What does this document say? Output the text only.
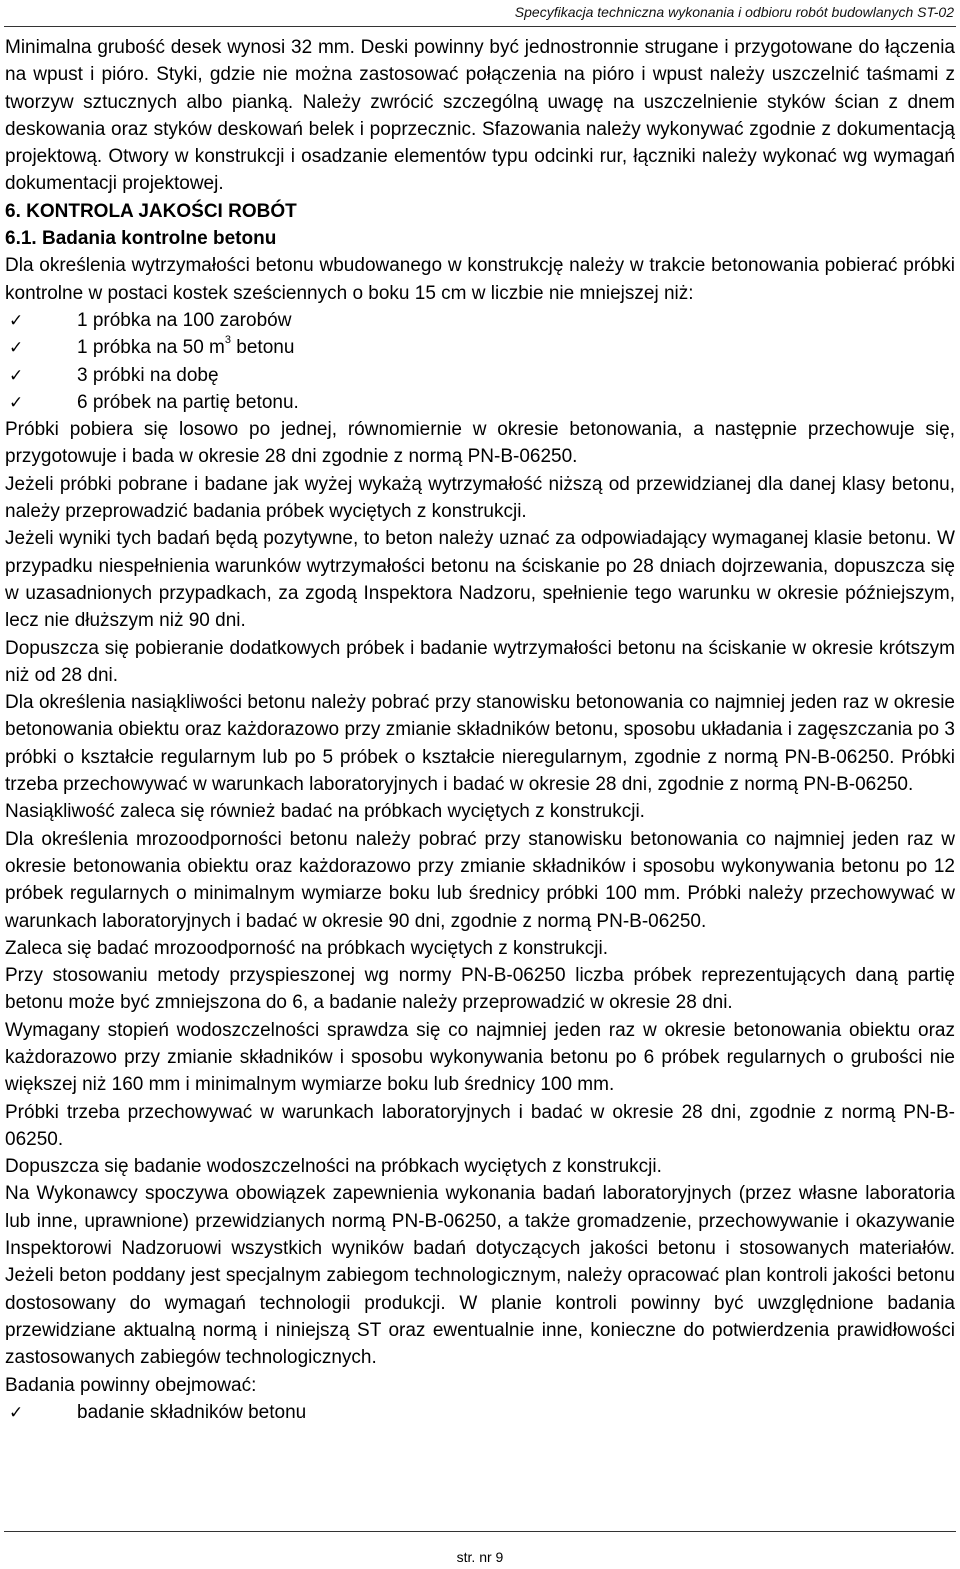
Specyfikacja techniczna wykonania i odbioru robót budowlanych ST-02

Minimalna grubość desek wynosi 32 mm. Deski powinny być jednostronnie strugane i przygotowane do łączenia na wpust i pióro. Styki, gdzie nie można zastosować połączenia na pióro i wpust należy uszczelnić taśmami z tworzyw sztucznych albo pianką. Należy zwrócić szczególną uwagę na uszczelnienie styków ścian z dnem deskowania oraz styków deskowań belek i poprzecznic. Sfazowania należy wykonywać zgodnie z dokumentacją projektową. Otwory w konstrukcji i osadzanie elementów typu odcinki rur, łączniki należy wykonać wg wymagań dokumentacji projektowej.

6. KONTROLA JAKOŚCI ROBÓT

6.1. Badania kontrolne betonu

Dla określenia wytrzymałości betonu wbudowanego w konstrukcję należy w trakcie betonowania pobierać próbki kontrolne w postaci kostek sześciennych o boku 15 cm w liczbie nie mniejszej niż:

✓	1 próbka na 100 zarobów
✓	1 próbka na 50 $m^3$ betonu
✓	3 próbki na dobę
✓	6 próbek na partię betonu.

Próbki pobiera się losowo po jednej, równomiernie w okresie betonowania, a następnie przechowuje się, przygotowuje i bada w okresie 28 dni zgodnie z normą PN-B-06250.

Jeżeli próbki pobrane i badane jak wyżej wykażą wytrzymałość niższą od przewidzianej dla danej klasy betonu, należy przeprowadzić badania próbek wyciętych z konstrukcji.

Jeżeli wyniki tych badań będą pozytywne, to beton należy uznać za odpowiadający wymaganej klasie betonu. W przypadku niespełnienia warunków wytrzymałości betonu na ściskanie po 28 dniach dojrzewania, dopuszcza się w uzasadnionych przypadkach, za zgodą Inspektora Nadzoru, spełnienie tego warunku w okresie późniejszym, lecz nie dłuższym niż 90 dni.

Dopuszcza się pobieranie dodatkowych próbek i badanie wytrzymałości betonu na ściskanie w okresie krótszym niż od 28 dni.

Dla określenia nasiąkliwości betonu należy pobrać przy stanowisku betonowania co najmniej jeden raz w okresie betonowania obiektu oraz każdorazowo przy zmianie składników betonu, sposobu układania i zagęszczania po 3 próbki o kształcie regularnym lub po 5 próbek o kształcie nieregularnym, zgodnie z normą PN-B-06250. Próbki trzeba przechowywać w warunkach laboratoryjnych i badać w okresie 28 dni, zgodnie z normą PN-B-06250.

Nasiąkliwość zaleca się również badać na próbkach wyciętych z konstrukcji.

Dla określenia mrozoodporności betonu należy pobrać przy stanowisku betonowania co najmniej jeden raz w okresie betonowania obiektu oraz każdorazowo przy zmianie składników i sposobu wykonywania betonu po 12 próbek regularnych o minimalnym wymiarze boku lub średnicy próbki 100 mm. Próbki należy przechowywać w warunkach laboratoryjnych i badać w okresie 90 dni, zgodnie z normą PN-B-06250.

Zaleca się badać mrozoodporność na próbkach wyciętych z konstrukcji.

Przy stosowaniu metody przyspieszonej wg normy PN-B-06250 liczba próbek reprezentujących daną partię betonu może być zmniejszona do 6, a badanie należy przeprowadzić w okresie 28 dni.

Wymagany stopień wodoszczelności sprawdza się co najmniej jeden raz w okresie betonowania obiektu oraz każdorazowo przy zmianie składników i sposobu wykonywania betonu po 6 próbek regularnych o grubości nie większej niż 160 mm i minimalnym wymiarze boku lub średnicy 100 mm.

Próbki trzeba przechowywać w warunkach laboratoryjnych i badać w okresie 28 dni, zgodnie z normą PN-B-06250.

Dopuszcza się badanie wodoszczelności na próbkach wyciętych z konstrukcji.

Na Wykonawcy spoczywa obowiązek zapewnienia wykonania badań laboratoryjnych (przez własne laboratoria lub inne, uprawnione) przewidzianych normą PN-B-06250, a także gromadzenie, przechowywanie i okazywanie Inspektorowi Nadzoruowi wszystkich wyników badań dotyczących jakości betonu i stosowanych materiałów. Jeżeli beton poddany jest specjalnym zabiegom technologicznym, należy opracować plan kontroli jakości betonu dostosowany do wymagań technologii produkcji. W planie kontroli powinny być uwzględnione badania przewidziane aktualną normą i niniejszą ST oraz ewentualnie inne, konieczne do potwierdzenia prawidłowości zastosowanych zabiegów technologicznych.

Badania powinny obejmować:

✓	badanie składników betonu
str. nr 9
